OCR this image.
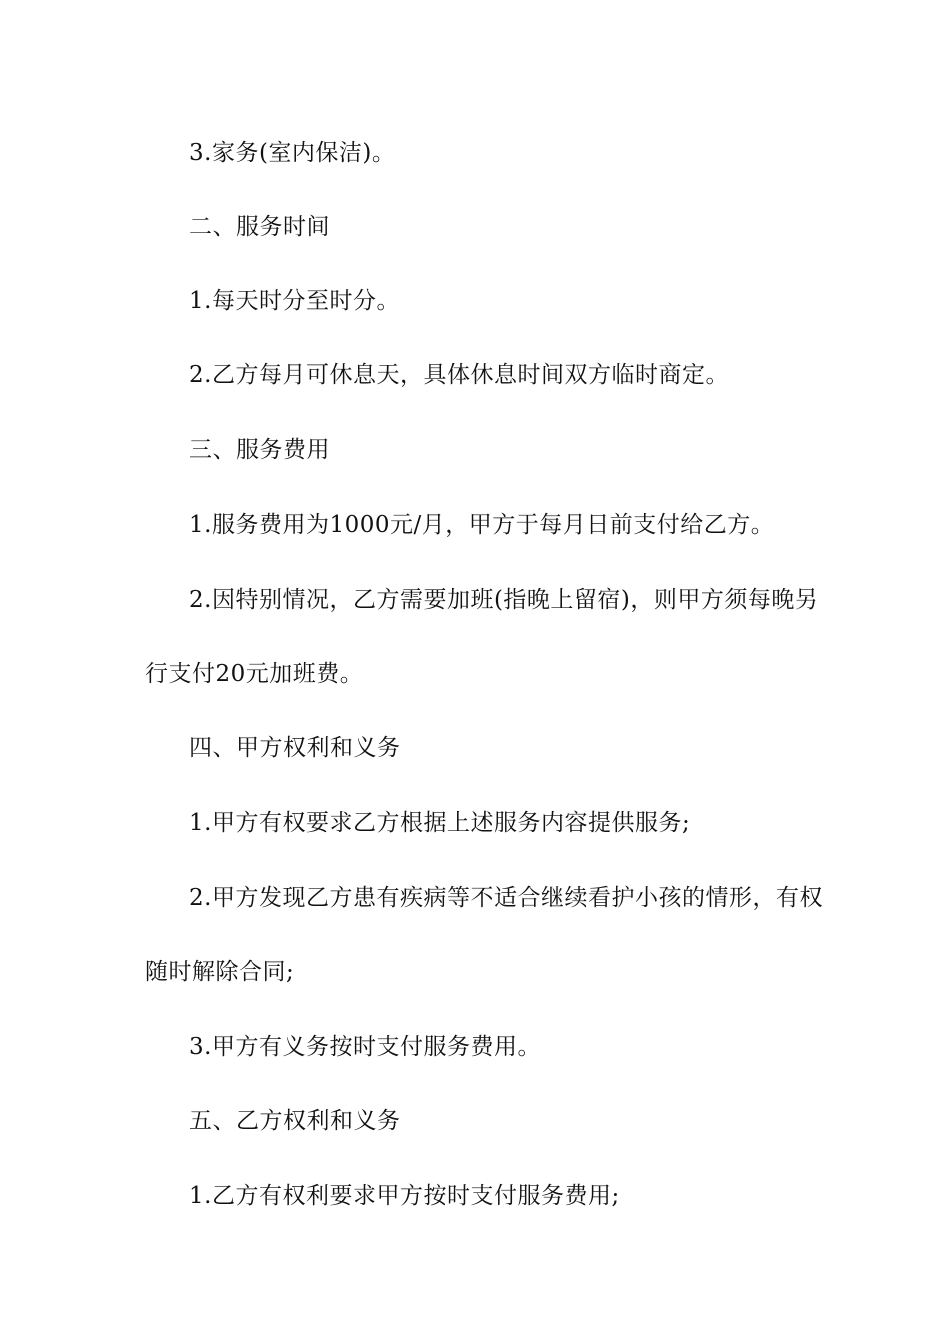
3.家务(室内保洁)。
二、服务时间
1.每天时分至时分。
2.乙方每月可休息天，具体休息时间双方临时商定。
三、服务费用
1.服务费用为1000元/月，甲方于每月日前支付给乙方。
2.因特别情况，乙方需要加班(指晚上留宿)，则甲方须每晚另
行支付20元加班费。
四、甲方权利和义务
1.甲方有权要求乙方根据上述服务内容提供服务;
2.甲方发现乙方患有疾病等不适合继续看护小孩的情形，有权
随时解除合同;
3.甲方有义务按时支付服务费用。
五、乙方权利和义务
1.乙方有权利要求甲方按时支付服务费用;
